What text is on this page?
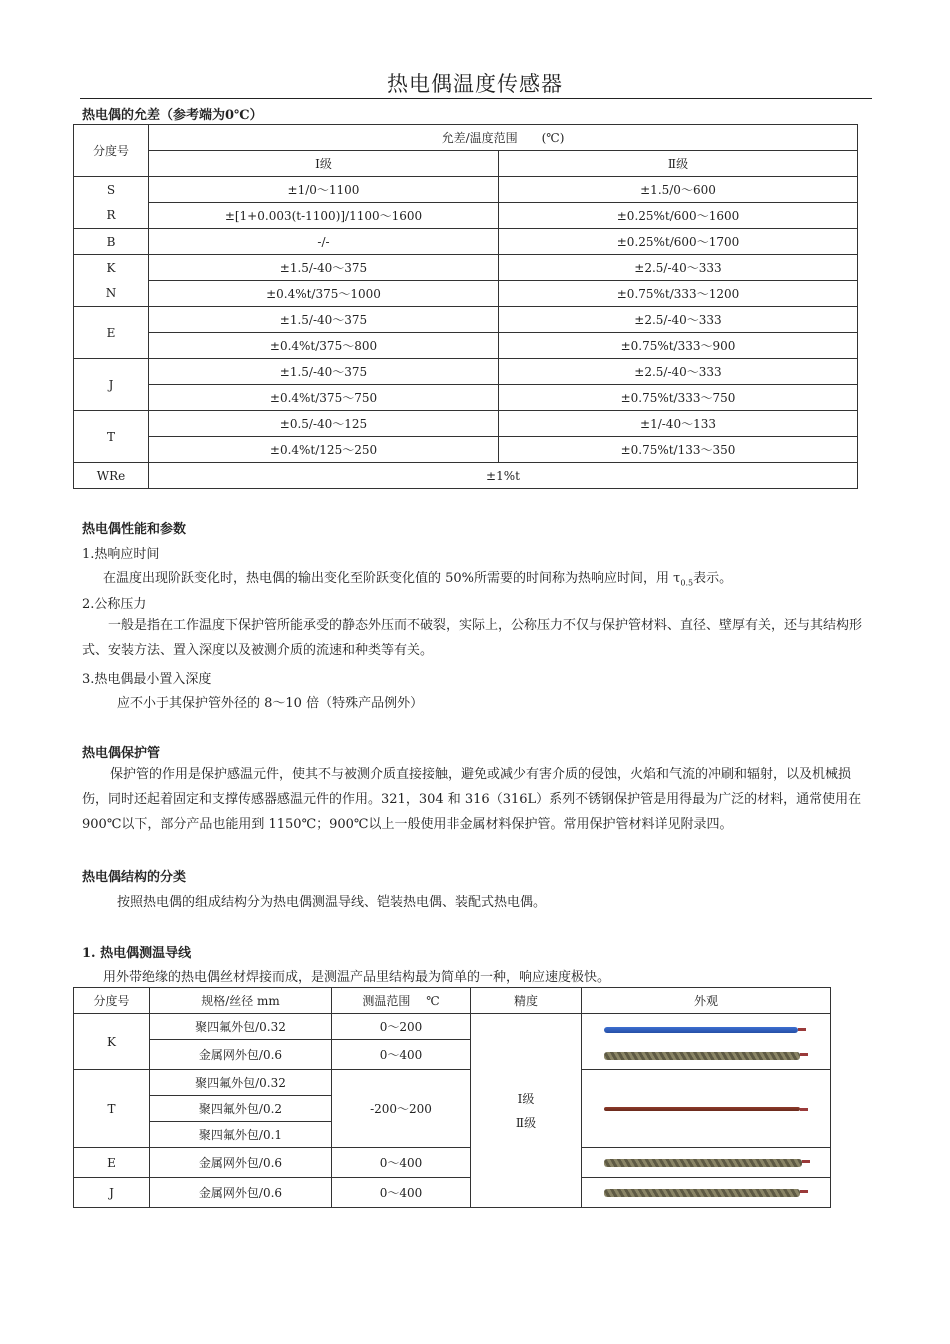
热电偶温度传感器
热电偶的允差（参考端为0℃）
分度号	允差/温度范围　　(℃)	
	Ⅰ级	Ⅱ级
S	±1/0～1100	±1.5/0～600
R	±[1+0.003(t-1100)]/1100～1600	±0.25%t/600～1600
B	-/-	±0.25%t/600～1700
K	±1.5/-40～375	±2.5/-40～333
N	±0.4%t/375～1000	±0.75%t/333～1200
E	±1.5/-40～375	±2.5/-40～333
	±0.4%t/375～800	±0.75%t/333～900
J	±1.5/-40～375	±2.5/-40～333
	±0.4%t/375～750	±0.75%t/333～750
T	±0.5/-40～125	±1/-40～133
	±0.4%t/125～250	±0.75%t/133～350
WRe	±1%t	
热电偶性能和参数
1.热响应时间
在温度出现阶跃变化时，热电偶的输出变化至阶跃变化值的 50%所需要的时间称为热响应时间，用 $\tau_{0.5}$表示。
2.公称压力
一般是指在工作温度下保护管所能承受的静态外压而不破裂，实际上，公称压力不仅与保护管材料、直径、壁厚有关，还与其结构形式、安装方法、置入深度以及被测介质的流速和种类等有关。
3.热电偶最小置入深度
应不小于其保护管外径的 8～10 倍（特殊产品例外）
热电偶保护管
保护管的作用是保护感温元件，使其不与被测介质直接接触，避免或减少有害介质的侵蚀，火焰和气流的冲刷和辐射，以及机械损伤，同时还起着固定和支撑传感器感温元件的作用。321，304 和 316（316L）系列不锈钢保护管是用得最为广泛的材料，通常使用在 900℃以下，部分产品也能用到 1150℃；900℃以上一般使用非金属材料保护管。常用保护管材料详见附录四。
热电偶结构的分类
按照热电偶的组成结构分为热电偶测温导线、铠装热电偶、装配式热电偶。
1. 热电偶测温导线
用外带绝缘的热电偶丝材焊接而成，是测温产品里结构最为简单的一种，响应速度极快。
分度号	规格/丝径 mm	测温范围　 ℃	精度	外观
K	聚四氟外包/0.32	0～200	Ⅰ级
Ⅱ级	

	金属网外包/0.6	0～400		
T	聚四氟外包/0.32	-200～200		

	聚四氟外包/0.2			
	聚四氟外包/0.1			
E	金属网外包/0.6	0～400		

J	金属网外包/0.6	0～400		
